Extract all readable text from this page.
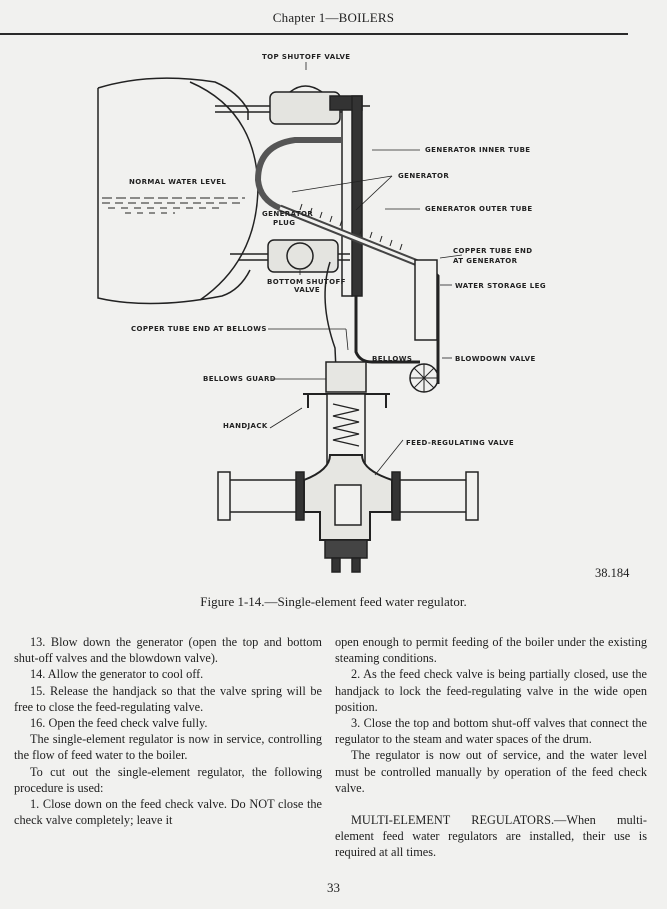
Chapter 1—BOILERS
TOP SHUTOFF VALVE
GENERATOR INNER TUBE
GENERATOR
NORMAL WATER LEVEL
GENERATOR OUTER TUBE
GENERATOR
PLUG
COPPER TUBE END
AT GENERATOR
BOTTOM SHUTOFF
VALVE	WATER STORAGE LEG
COPPER TUBE END AT BELLOWS
BELLOWS	BLOWDOWN VALVE
BELLOWS GUARD
HANDJACK
FEED-REGULATING VALVE
38.184
Figure 1-14.—Single-element feed water regulator.

13. Blow down the generator (open the top and bottom shut-off valves and the blowdown valve).

14. Allow the generator to cool off.

15. Release the handjack so that the valve spring will be free to close the feed-regulating valve.

16. Open the feed check valve fully.

The single-element regulator is now in service, controlling the flow of feed water to the boiler.

To cut out the single-element regulator, the following procedure is used:

1. Close down on the feed check valve. Do NOT close the check valve completely; leave it

open enough to permit feeding of the boiler under the existing steaming conditions.

2. As the feed check valve is being partially closed, use the handjack to lock the feed-regulating valve in the wide open position.

3. Close the top and bottom shut-off valves that connect the regulator to the steam and water spaces of the drum.

The regulator is now out of service, and the water level must be controlled manually by operation of the feed check valve.

MULTI-ELEMENT REGULATORS.—When multi-element feed water regulators are installed, their use is required at all times.

33
